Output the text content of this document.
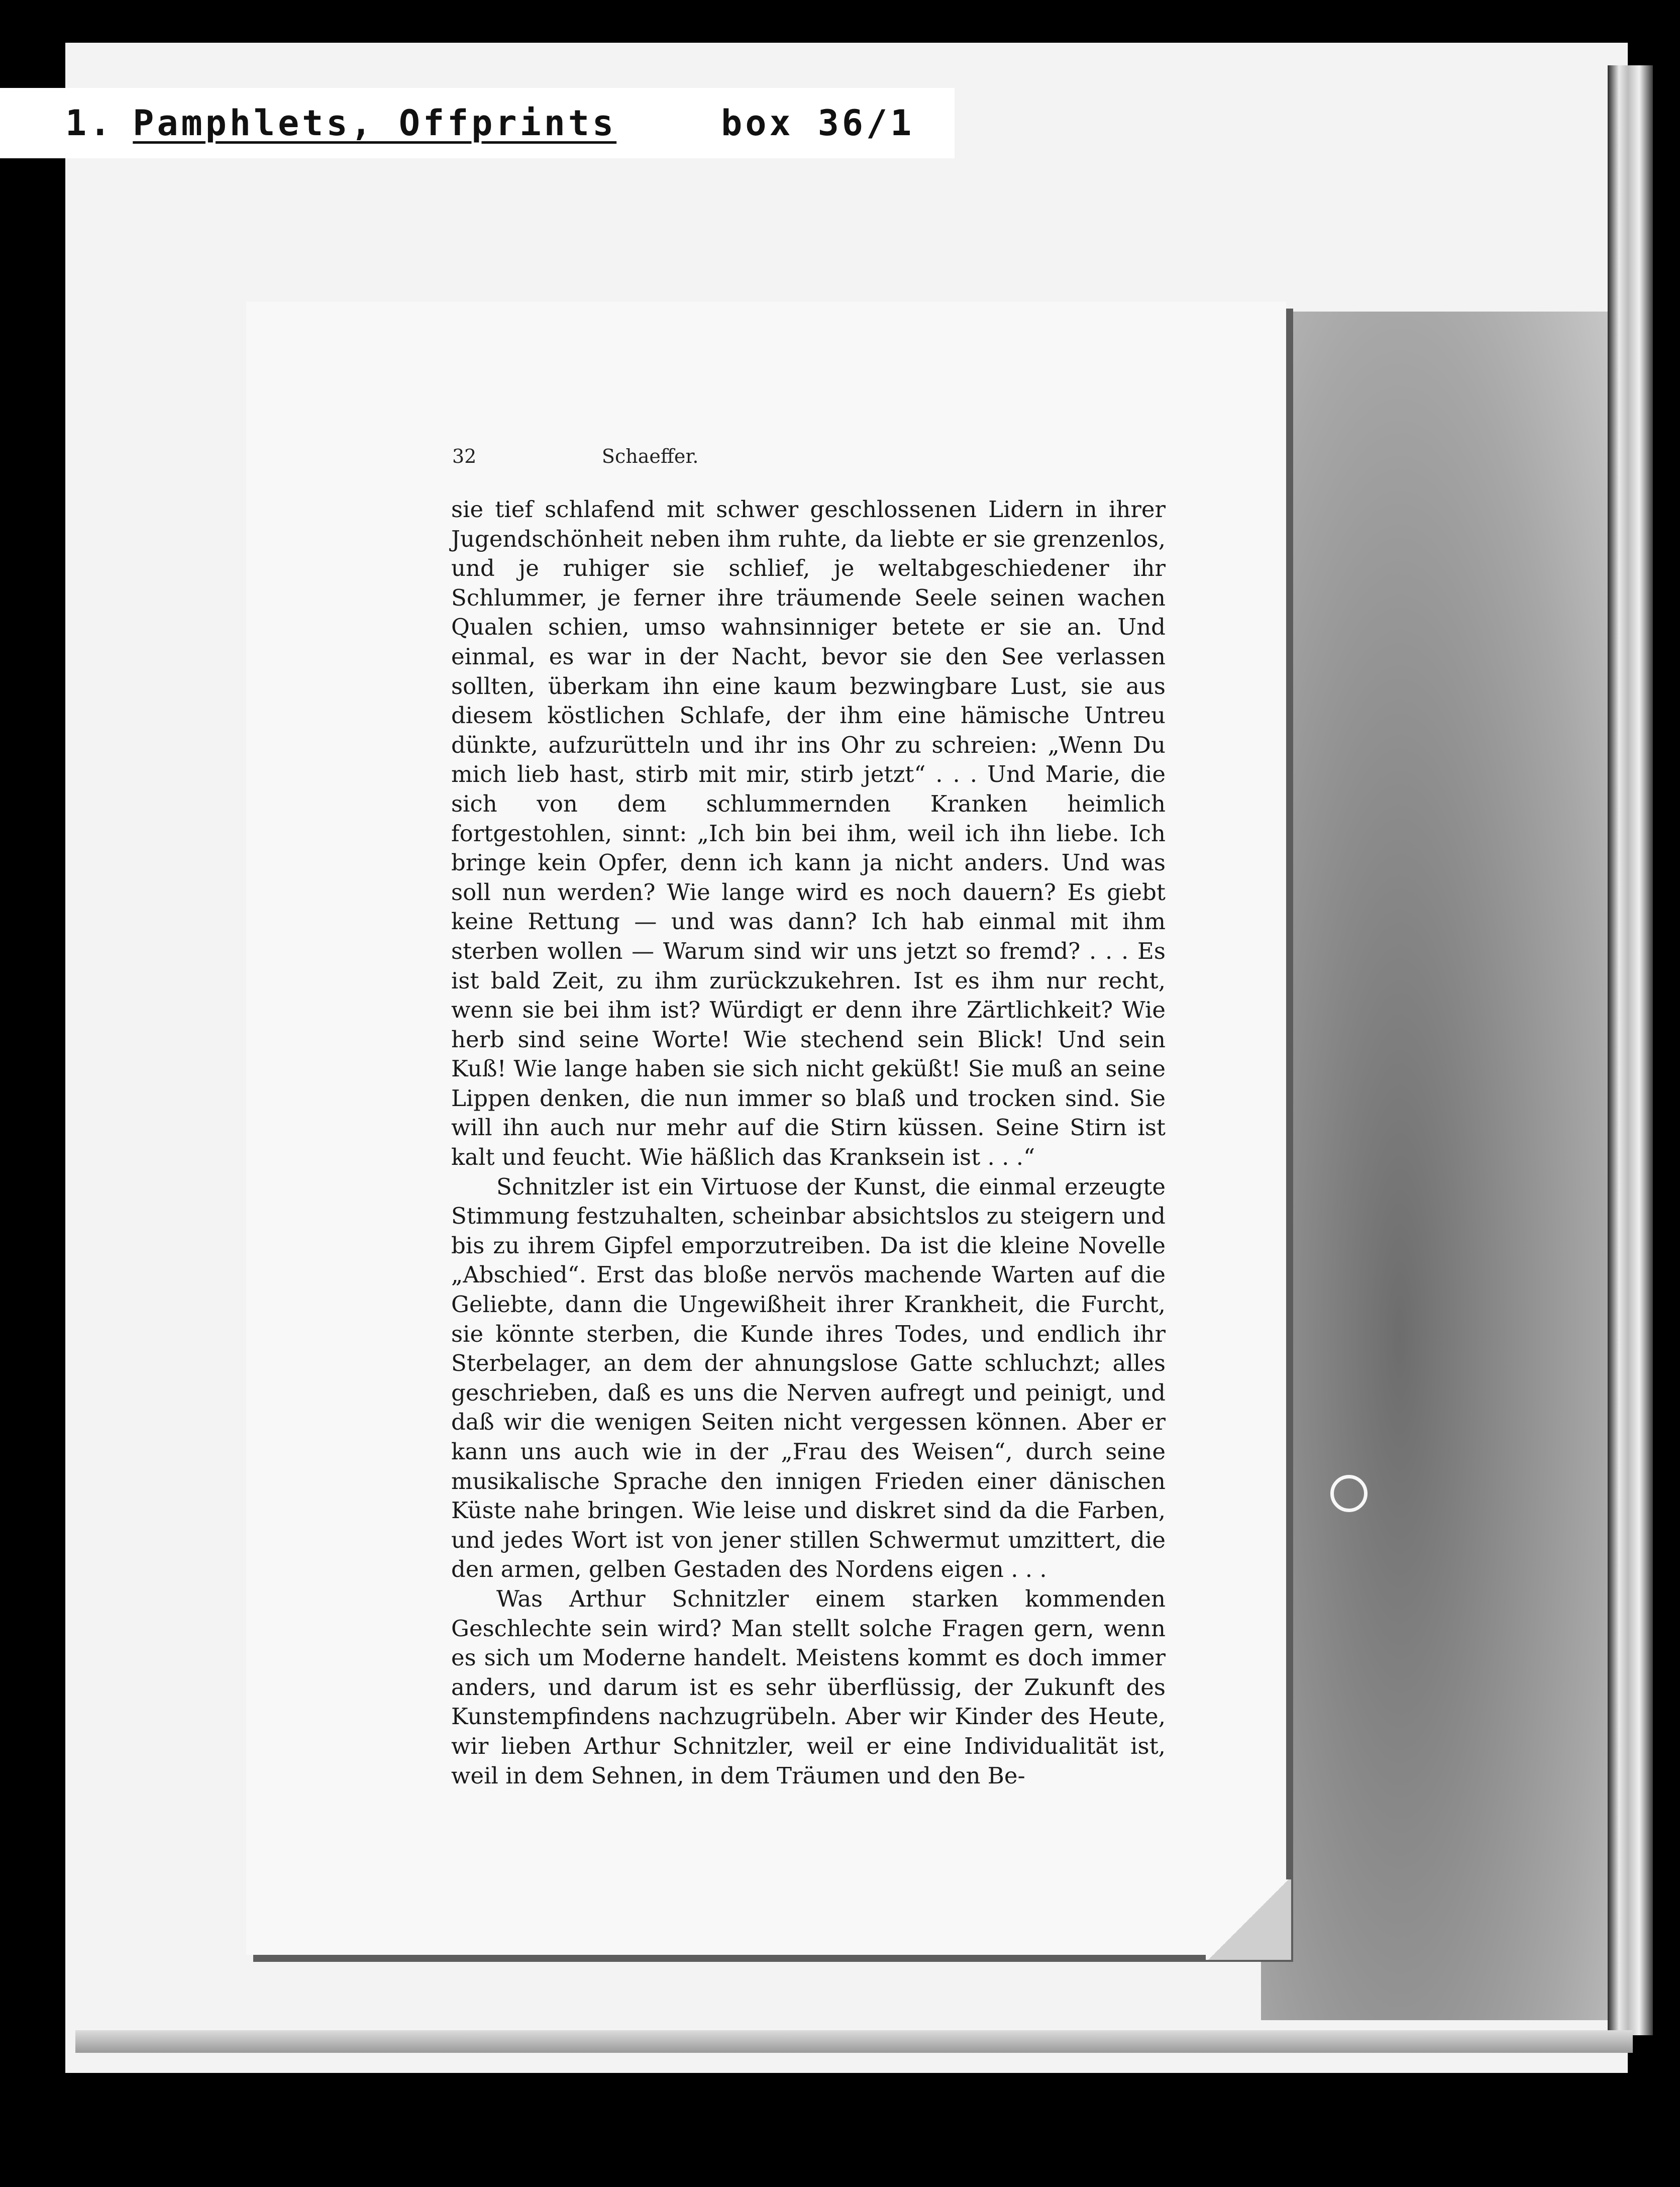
1. Pamphlets, Offprints	box 36/1
32	Schaeffer.

sie tief schlafend mit schwer geschlossenen Lidern in ihrer Jugendschönheit neben ihm ruhte, da liebte er sie grenzenlos, und je ruhiger sie schlief, je weltabgeschiedener ihr Schlummer, je ferner ihre träumende Seele seinen wachen Qualen schien, umso wahnsinniger betete er sie an. Und einmal, es war in der Nacht, bevor sie den See verlassen sollten, überkam ihn eine kaum bezwingbare Lust, sie aus diesem köstlichen Schlafe, der ihm eine hämische Untreu dünkte, aufzurütteln und ihr ins Ohr zu schreien: „Wenn Du mich lieb hast, stirb mit mir, stirb jetzt“ . . . Und Marie, die sich von dem schlummernden Kranken heimlich fortgestohlen, sinnt: „Ich bin bei ihm, weil ich ihn liebe. Ich bringe kein Opfer, denn ich kann ja nicht anders. Und was soll nun werden? Wie lange wird es noch dauern? Es giebt keine Rettung — und was dann? Ich hab einmal mit ihm sterben wollen — Warum sind wir uns jetzt so fremd? . . . Es ist bald Zeit, zu ihm zurückzukehren. Ist es ihm nur recht, wenn sie bei ihm ist? Würdigt er denn ihre Zärtlichkeit? Wie herb sind seine Worte! Wie stechend sein Blick! Und sein Kuß! Wie lange haben sie sich nicht geküßt! Sie muß an seine Lippen denken, die nun immer so blaß und trocken sind. Sie will ihn auch nur mehr auf die Stirn küssen. Seine Stirn ist kalt und feucht. Wie häßlich das Kranksein ist . . .“

Schnitzler ist ein Virtuose der Kunst, die einmal erzeugte Stimmung festzuhalten, scheinbar absichtslos zu steigern und bis zu ihrem Gipfel emporzutreiben. Da ist die kleine Novelle „Abschied“. Erst das bloße nervös machende Warten auf die Geliebte, dann die Ungewißheit ihrer Krankheit, die Furcht, sie könnte sterben, die Kunde ihres Todes, und endlich ihr Sterbelager, an dem der ahnungslose Gatte schluchzt; alles geschrieben, daß es uns die Nerven aufregt und peinigt, und daß wir die wenigen Seiten nicht vergessen können. Aber er kann uns auch wie in der „Frau des Weisen“, durch seine musikalische Sprache den innigen Frieden einer dänischen Küste nahe bringen. Wie leise und diskret sind da die Farben, und jedes Wort ist von jener stillen Schwermut umzittert, die den armen, gelben Gestaden des Nordens eigen . . .

Was Arthur Schnitzler einem starken kommenden Geschlechte sein wird? Man stellt solche Fragen gern, wenn es sich um Moderne handelt. Meistens kommt es doch immer anders, und darum ist es sehr überflüssig, der Zukunft des Kunstempfindens nachzugrübeln. Aber wir Kinder des Heute, wir lieben Arthur Schnitzler, weil er eine Individualität ist, weil in dem Sehnen, in dem Träumen und den Be-
